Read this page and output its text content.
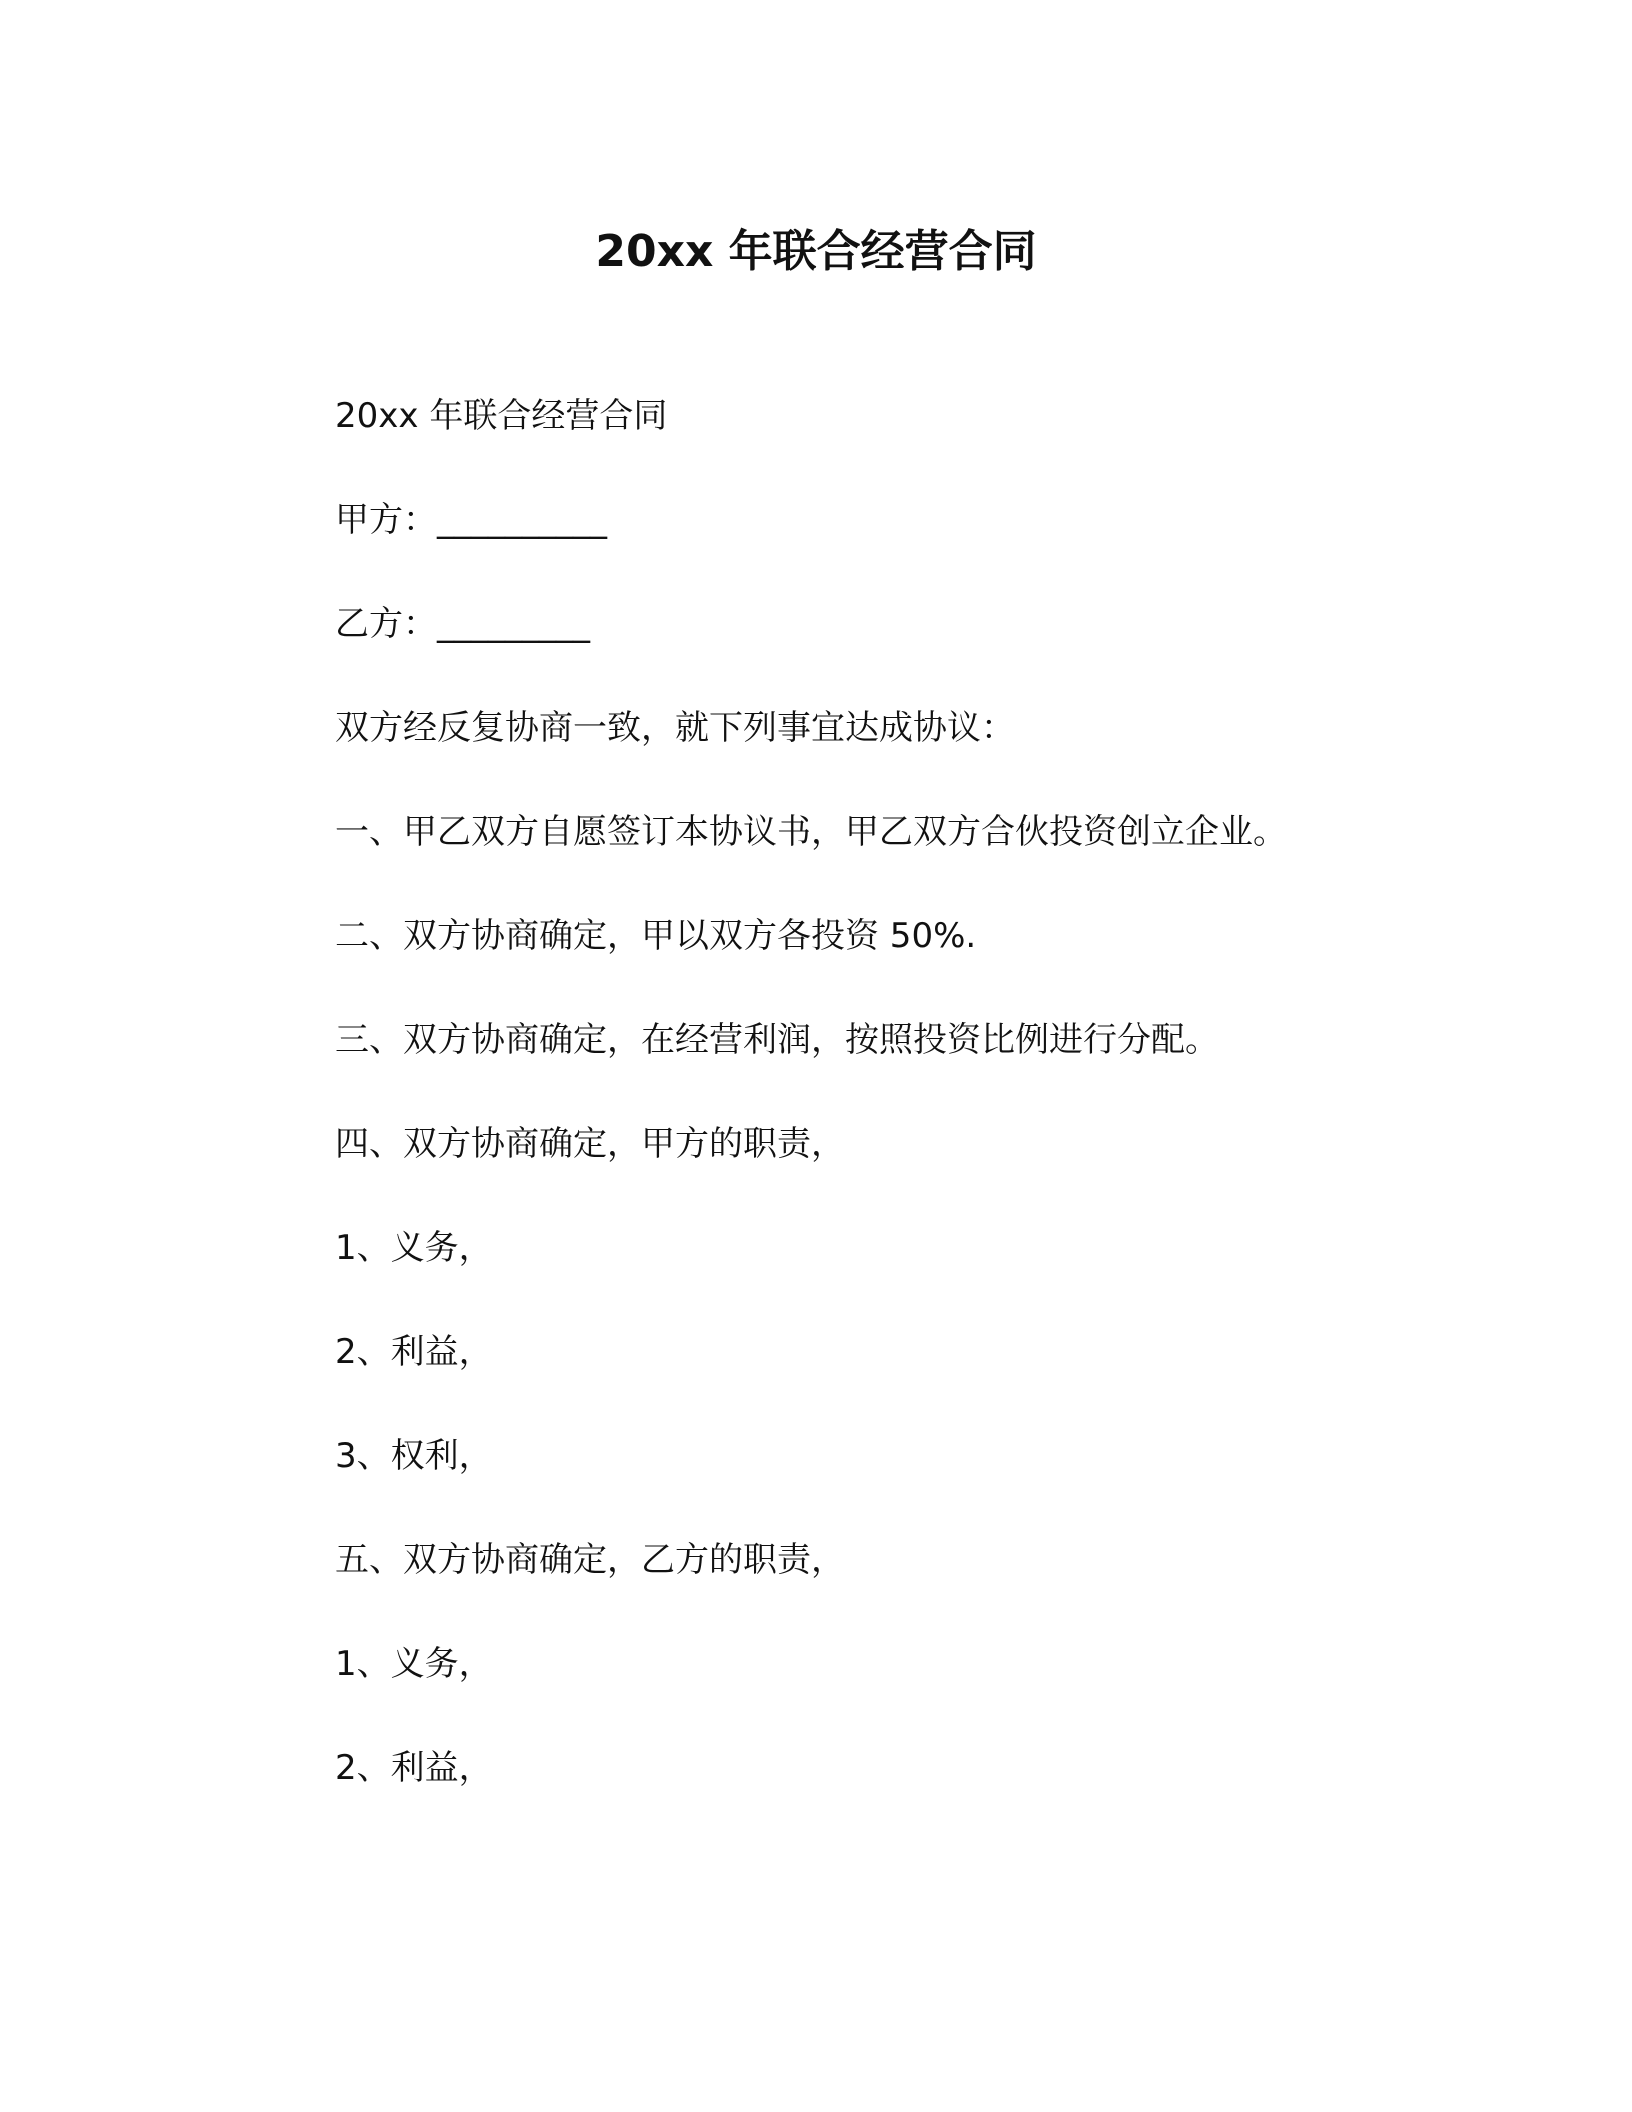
20xx 年联合经营合同

20xx 年联合经营合同

甲方：__________

乙方：_________

双方经反复协商一致，就下列事宜达成协议：

一、甲乙双方自愿签订本协议书，甲乙双方合伙投资创立企业。

二、双方协商确定，甲以双方各投资 50%.

三、双方协商确定，在经营利润，按照投资比例进行分配。

四、双方协商确定，甲方的职责，

1、义务，

2、利益，

3、权利，

五、双方协商确定，乙方的职责，

1、义务，

2、利益，
